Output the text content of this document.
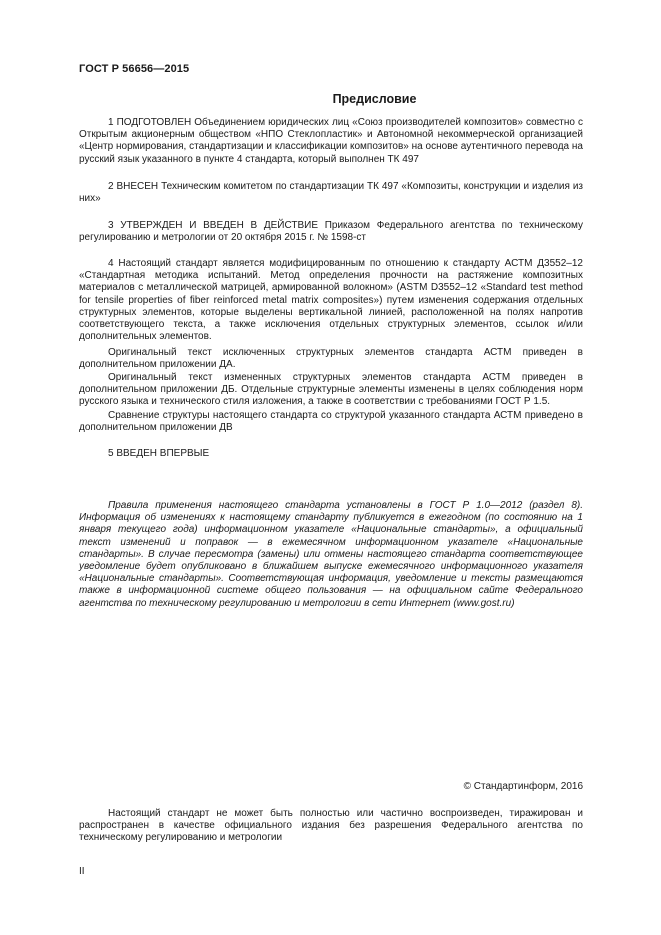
ГОСТ Р 56656—2015
Предисловие

1 ПОДГОТОВЛЕН Объединением юридических лиц «Союз производителей композитов» совместно с Открытым акционерным обществом «НПО Стеклопластик» и Автономной некоммерческой организацией «Центр нормирования, стандартизации и классификации композитов» на основе аутентичного перевода на русский язык указанного в пункте 4 стандарта, который выполнен ТК 497

2 ВНЕСЕН Техническим комитетом по стандартизации ТК 497 «Композиты, конструкции и изделия из них»

3 УТВЕРЖДЕН И ВВЕДЕН В ДЕЙСТВИЕ Приказом Федерального агентства по техническому регулированию и метрологии от 20 октября 2015 г. № 1598-ст

4 Настоящий стандарт является модифицированным по отношению к стандарту АСТМ Д3552–12 «Стандартная методика испытаний. Метод определения прочности на растяжение композитных материалов с металлической матрицей, армированной волокном» (ASTM D3552–12 «Standard test method for tensile properties of fiber reinforced metal matrix composites») путем изменения содержания отдельных структурных элементов, которые выделены вертикальной линией, расположенной на полях напротив соответствующего текста, а также исключения отдельных структурных элементов, ссылок и/или дополнительных элементов.

Оригинальный текст исключенных структурных элементов стандарта АСТМ приведен в дополнительном приложении ДА.

Оригинальный текст измененных структурных элементов стандарта АСТМ приведен в дополнительном приложении ДБ. Отдельные структурные элементы изменены в целях соблюдения норм русского языка и технического стиля изложения, а также в соответствии с требованиями ГОСТ Р 1.5.

Сравнение структуры настоящего стандарта со структурой указанного стандарта АСТМ приведено в дополнительном приложении ДВ

5 ВВЕДЕН ВПЕРВЫЕ

Правила применения настоящего стандарта установлены в ГОСТ Р 1.0—2012 (раздел 8). Информация об изменениях к настоящему стандарту публикуется в ежегодном (по состоянию на 1 января текущего года) информационном указателе «Национальные стандарты», а официальный текст изменений и поправок — в ежемесячном информационном указателе «Национальные стандарты». В случае пересмотра (замены) или отмены настоящего стандарта соответствующее уведомление будет опубликовано в ближайшем выпуске ежемесячного информационного указателя «Национальные стандарты». Соответствующая информация, уведомление и тексты размещаются также в информационной системе общего пользования — на официальном сайте Федерального агентства по техническому регулированию и метрологии в сети Интернет (www.gost.ru)

© Стандартинформ, 2016

Настоящий стандарт не может быть полностью или частично воспроизведен, тиражирован и распространен в качестве официального издания без разрешения Федерального агентства по техническому регулированию и метрологии

II
